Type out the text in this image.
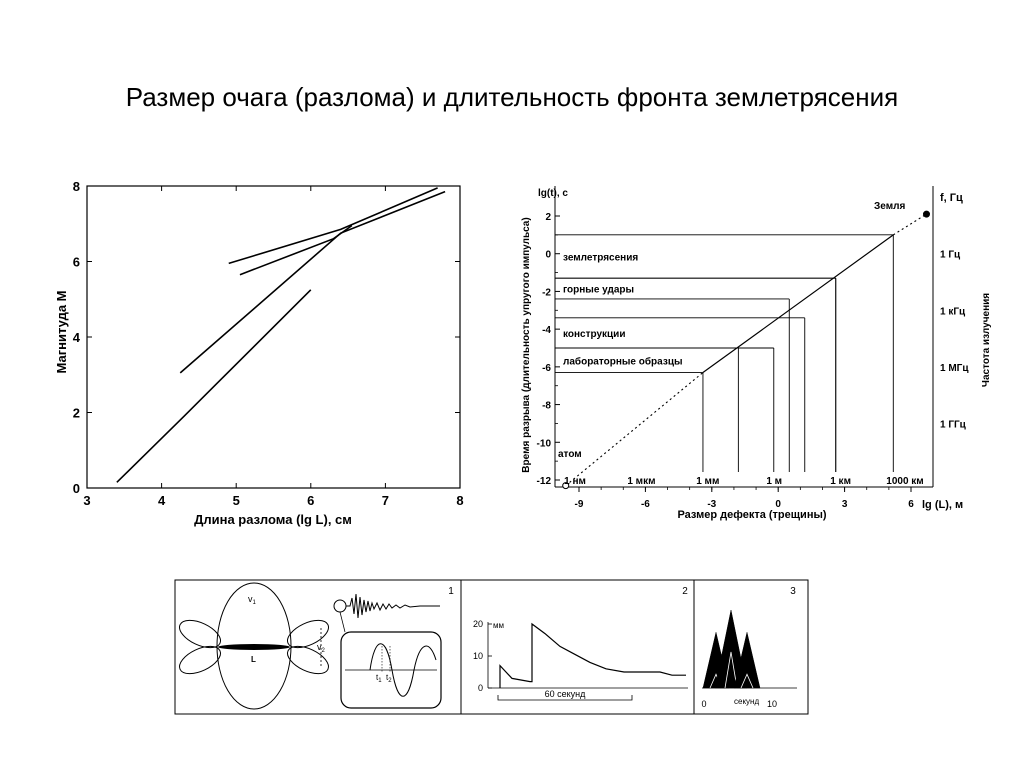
Размер очага (разлома) и длительность фронта землетрясения
3	4	5	6	7	8
0
2
4
6
8
Длина разлома (lg L), см
Магнитуда M
2
0
-2
-4
-6
-8
-10
-12
-9	-6	-3	0	3	6
землетрясения
горные удары
конструкции
лабораторные образцы
1 нм	1 мкм	1 мм	1 м	1 км	1000 км
1 Гц
1 кГц
1 МГц
1 ГГц
lg(t), с	f, Гц
lg (L), м
Размер дефекта (трещины)
Время разрыва (длительность упругого импульса)	Частота излучения
атом
Земля
1	2	3
$v_1$
$v_2$
L
$t_1$ $t_2$
20
10
0
мм
60 секунд
0	10
секунд
